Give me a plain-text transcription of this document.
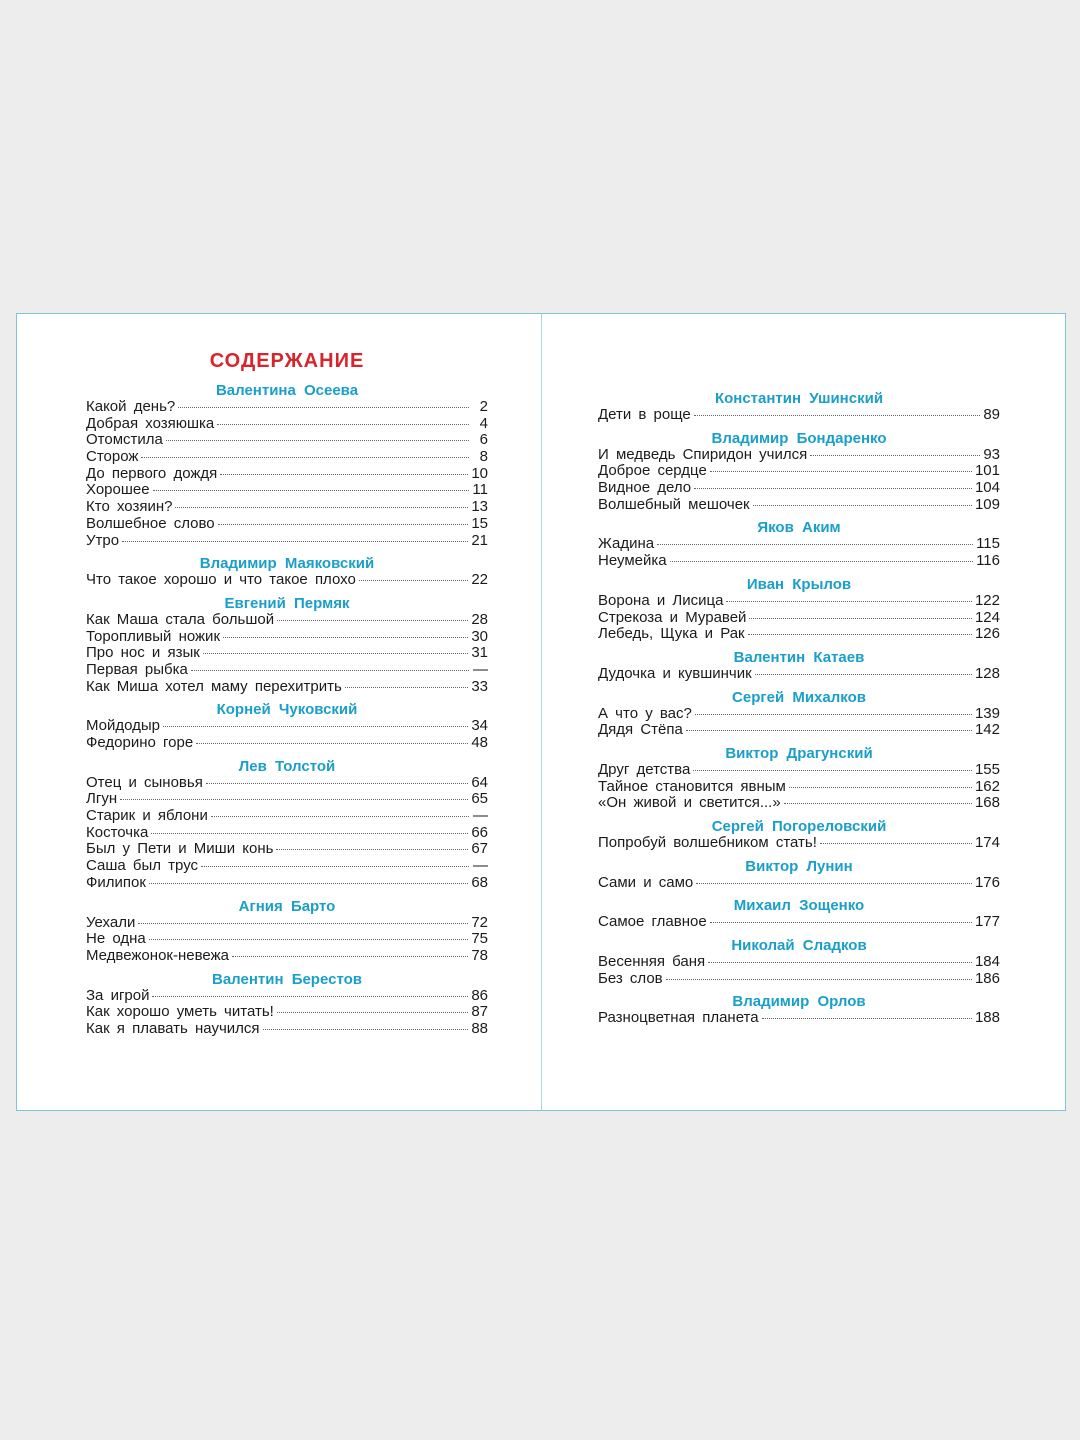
СОДЕРЖАНИЕ
Валентина Осеева
Какой день?	2
Добрая хозяюшка	4
Отомстила	6
Сторож	8
До первого дождя	10
Хорошее	11
Кто хозяин?	13
Волшебное слово	15
Утро	21
Владимир Маяковский
Что такое хорошо и что такое плохо	22
Евгений Пермяк
Как Маша стала большой	28
Торопливый ножик	30
Про нос и язык	31
Первая рыбка	—
Как Миша хотел маму перехитрить	33
Корней Чуковский
Мойдодыр	34
Федорино горе	48
Лев Толстой
Отец и сыновья	64
Лгун	65
Старик и яблони	—
Косточка	66
Был у Пети и Миши конь	67
Саша был трус	—
Филипок	68
Агния Барто
Уехали	72
Не одна	75
Медвежонок-невежа	78
Валентин Берестов
За игрой	86
Как хорошо уметь читать!	87
Как я плавать научился	88
Константин Ушинский
Дети в роще	89
Владимир Бондаренко
И медведь Спиридон учился	93
Доброе сердце	101
Видное дело	104
Волшебный мешочек	109
Яков Аким
Жадина	115
Неумейка	116
Иван Крылов
Ворона и Лисица	122
Стрекоза и Муравей	124
Лебедь, Щука и Рак	126
Валентин Катаев
Дудочка и кувшинчик	128
Сергей Михалков
А что у вас?	139
Дядя Стёпа	142
Виктор Драгунский
Друг детства	155
Тайное становится явным	162
«Он живой и светится...»	168
Сергей Погореловский
Попробуй волшебником стать!	174
Виктор Лунин
Сами и само	176
Михаил Зощенко
Самое главное	177
Николай Сладков
Весенняя баня	184
Без слов	186
Владимир Орлов
Разноцветная планета	188
